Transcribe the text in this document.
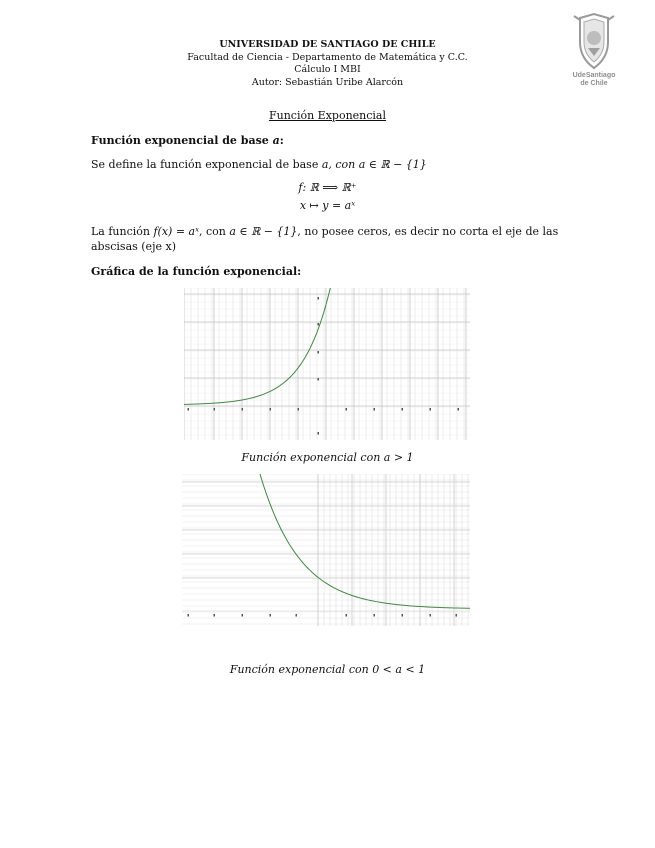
UNIVERSIDAD DE SANTIAGO DE CHILE
Facultad de Ciencia - Departamento de Matemática y C.C.
Cálculo I MBI
Autor: Sebastián Uribe Alarcón
UdeSantiago
de Chile
Función Exponencial
Función exponencial de base a:
Se define la función exponencial de base a, con a ∈ ℝ − {1}
f: ℝ ⟹ ℝ⁺
x ↦ y = aˣ
La función f(x) = aˣ, con a ∈ ℝ − {1}, no posee ceros, es decir no corta el eje de las
abscisas (eje x)
Gráfica de la función exponencial:
Función exponencial con a > 1
Función exponencial con 0 < a < 1
